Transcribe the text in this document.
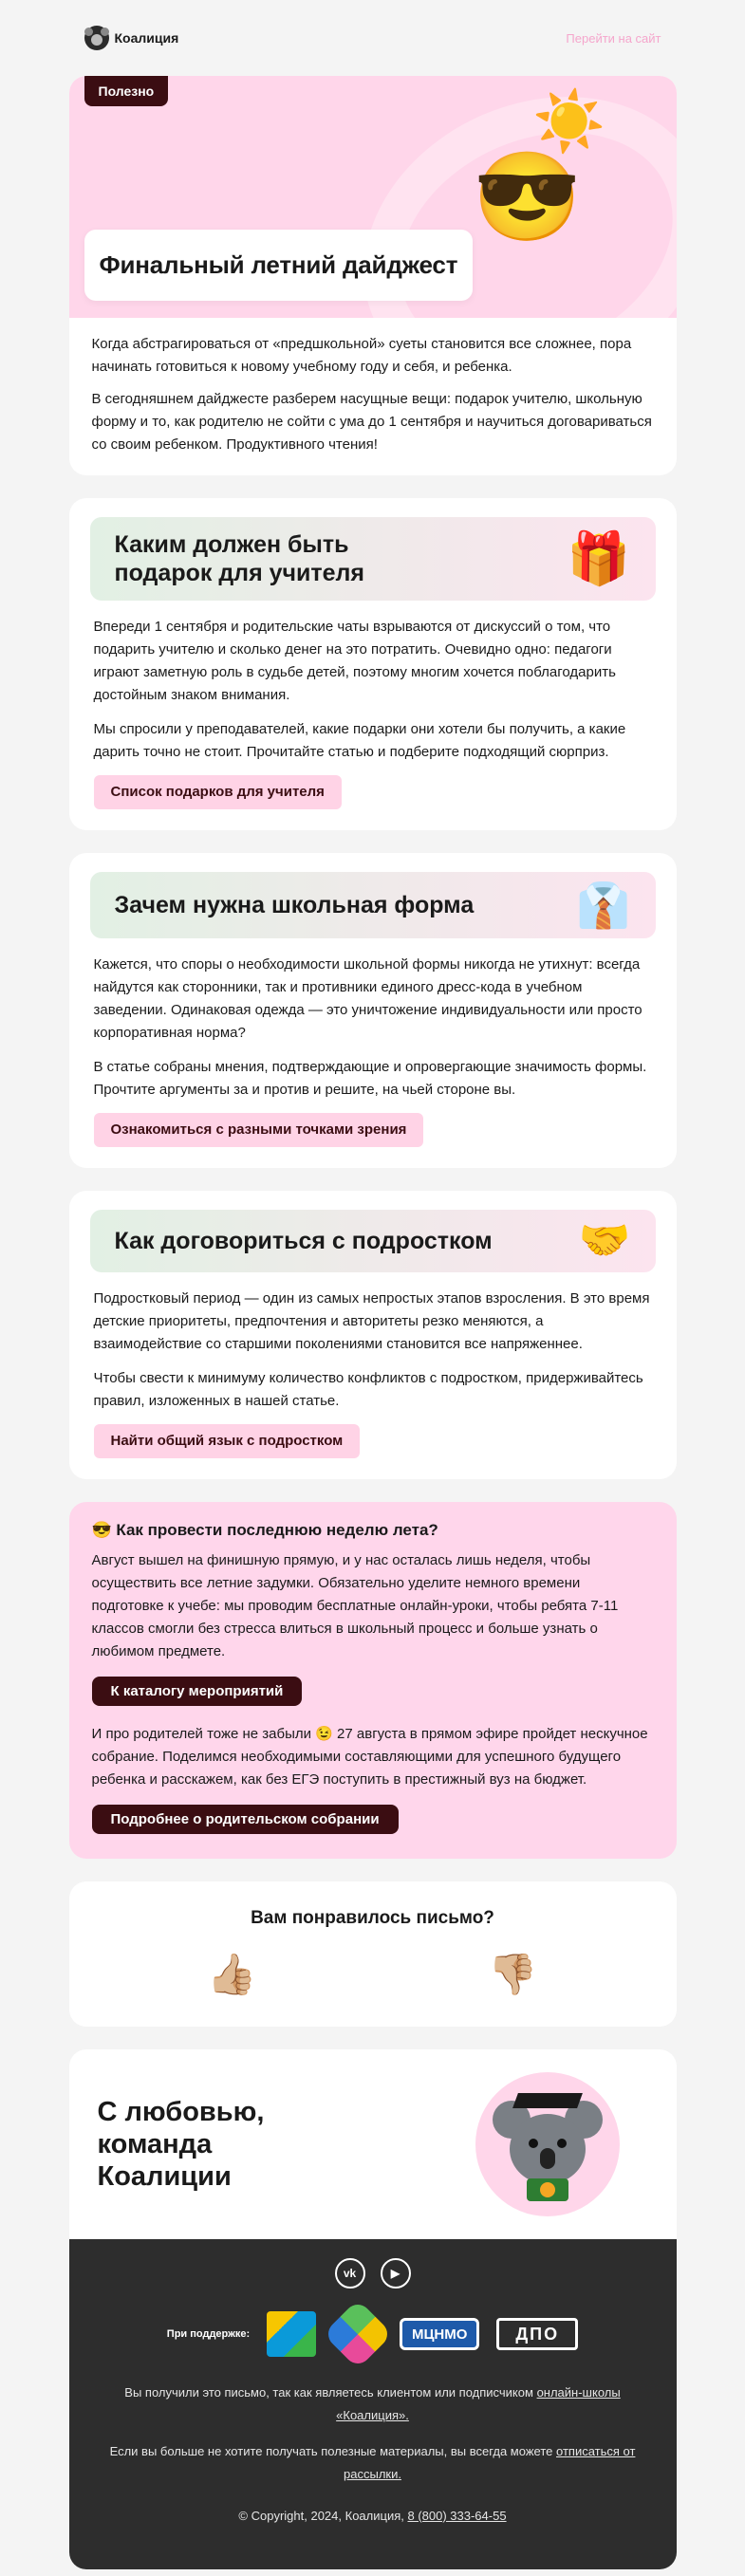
Коалиция	Перейти на сайт
Полезно	☀️
😎
Финальный летний дайджест

Когда абстрагироваться от «предшкольной» суеты становится все сложнее, пора начинать готовиться к новому учебному году и себя, и ребенка.

В сегодняшнем дайджесте разберем насущные вещи: подарок учителю, школьную форму и то, как родителю не сойти с ума до 1 сентября и научиться договариваться со своим ребенком. Продуктивного чтения!

Каким должен быть подарок для учителя	🎁

Впереди 1 сентября и родительские чаты взрываются от дискуссий о том, что подарить учителю и сколько денег на это потратить. Очевидно одно: педагоги играют заметную роль в судьбе детей, поэтому многим хочется поблагодарить достойным знаком внимания.

Мы спросили у преподавателей, какие подарки они хотели бы получить, а какие дарить точно не стоит. Прочитайте статью и подберите подходящий сюрприз.

Список подарков для учителя
Зачем нужна школьная форма 👔

Кажется, что споры о необходимости школьной формы никогда не утихнут: всегда найдутся как сторонники, так и противники единого дресс-кода в учебном заведении. Одинаковая одежда — это уничтожение индивидуальности или просто корпоративная норма?

В статье собраны мнения, подтверждающие и опровергающие значимость формы. Прочтите аргументы за и против и решите, на чьей стороне вы.

Ознакомиться с разными точками зрения
Как договориться с подростком 🤝

Подростковый период — один из самых непростых этапов взросления. В это время детские приоритеты, предпочтения и авторитеты резко меняются, а взаимодействие со старшими поколениями становится все напряженнее.

Чтобы свести к минимуму количество конфликтов с подростком, придерживайтесь правил, изложенных в нашей статье.

Найти общий язык с подростком
😎 Как провести последнюю неделю лета?

Август вышел на финишную прямую, и у нас осталась лишь неделя, чтобы осуществить все летние задумки. Обязательно уделите немного времени подготовке к учебе: мы проводим бесплатные онлайн-уроки, чтобы ребята 7-11 классов смогли без стресса влиться в школьный процесс и больше узнать о любимом предмете.

К каталогу мероприятий

И про родителей тоже не забыли 😉 27 августа в прямом эфире пройдет нескучное собрание. Поделимся необходимыми составляющими для успешного будущего ребенка и расскажем, как без ЕГЭ поступить в престижный вуз на бюджет.

Подробнее о родительском собрании
Вам понравилось письмо?
👍🏼	👎🏼
С любовью, команда Коалиции
vk	▶
При поддержке:	МЦНМО	ДПО

Вы получили это письмо, так как являетесь клиентом или подписчиком онлайн-школы «Коалиция».

Если вы больше не хотите получать полезные материалы, вы всегда можете отписаться от рассылки.

© Copyright, 2024, Коалиция, 8 (800) 333-64-55
